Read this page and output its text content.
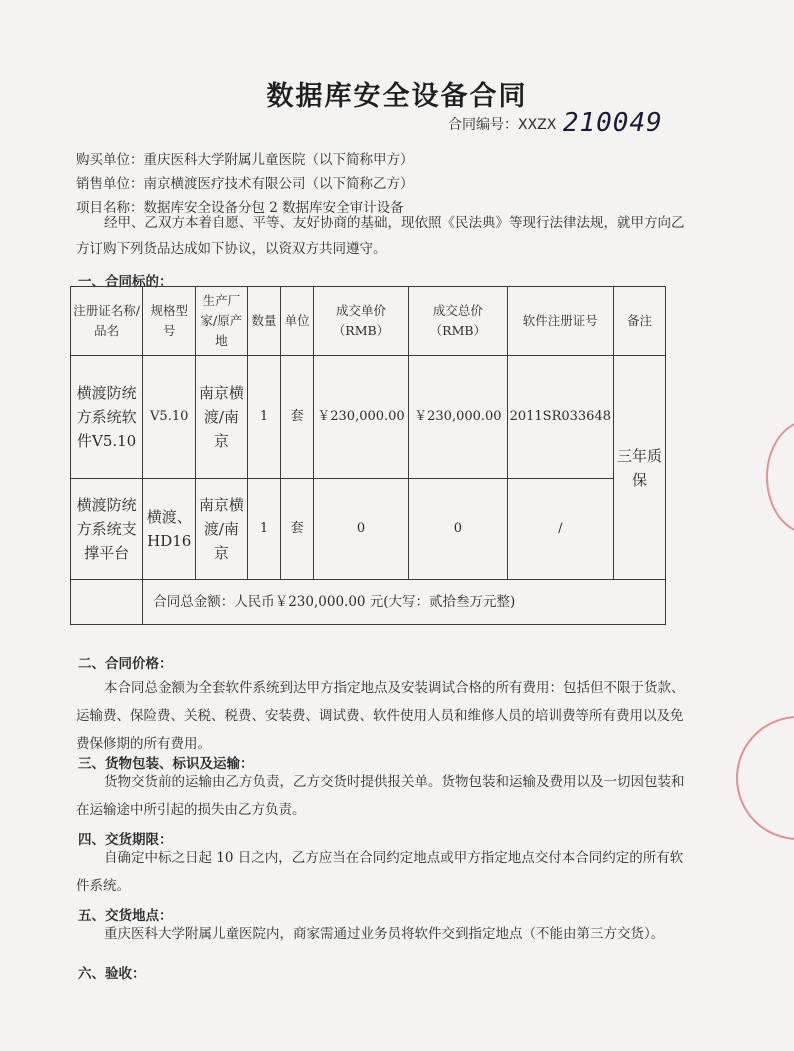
数据库安全设备合同
合同编号：XXZX 210049
购买单位：重庆医科大学附属儿童医院（以下简称甲方）
销售单位：南京横渡医疗技术有限公司（以下简称乙方）
项目名称：数据库安全设备分包 2 数据库安全审计设备
经甲、乙双方本着自愿、平等、友好协商的基础，现依照《民法典》等现行法律法规，就甲方向乙方订购下列货品达成如下协议，以资双方共同遵守。
一、合同标的：
注册证名称/品名	规格型号	生产厂家/原产地	数量	单位	成交单价（RMB）	成交总价（RMB）	软件注册证号	备注
横渡防统方系统软件V5.10	V5.10	南京横渡/南京	1	套	￥230,000.00	￥230,000.00	2011SR033648	三年质保
横渡防统方系统支撑平台	横渡、HD16	南京横渡/南京	1	套	0	0	/	
	合同总金额：人民币￥230,000.00 元(大写：贰拾叁万元整)							
二、合同价格：
本合同总金额为全套软件系统到达甲方指定地点及安装调试合格的所有费用：包括但不限于货款、运输费、保险费、关税、税费、安装费、调试费、软件使用人员和维修人员的培训费等所有费用以及免费保修期的所有费用。
三、货物包装、标识及运输：
货物交货前的运输由乙方负责，乙方交货时提供报关单。货物包装和运输及费用以及一切因包装和在运输途中所引起的损失由乙方负责。
四、交货期限：
自确定中标之日起 10 日之内，乙方应当在合同约定地点或甲方指定地点交付本合同约定的所有软件系统。
五、交货地点：
重庆医科大学附属儿童医院内，商家需通过业务员将软件交到指定地点（不能由第三方交货）。
六、验收：
